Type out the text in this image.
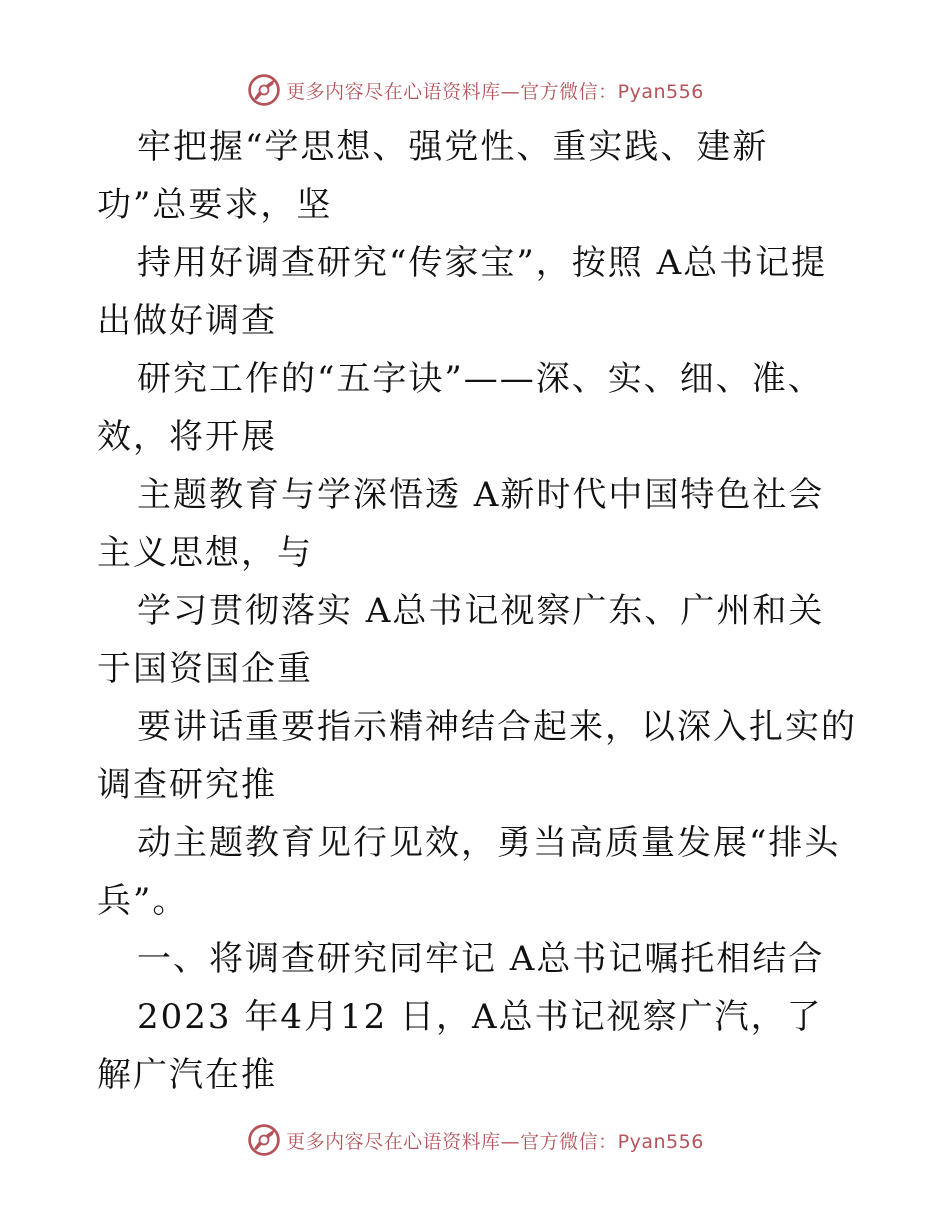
更多内容尽在心语资料库—官方微信：Pyan556

牢把握“学思想、强党性、重实践、建新功”总要求，坚

持用好调查研究“传家宝”，按照 A总书记提出做好调查

研究工作的“五字诀”——深、实、细、准、效，将开展

主题教育与学深悟透 A新时代中国特色社会主义思想，与

学习贯彻落实 A总书记视察广东、广州和关于国资国企重

要讲话重要指示精神结合起来，以深入扎实的调查研究推

动主题教育见行见效，勇当高质量发展“排头兵”。

一、将调查研究同牢记 A总书记嘱托相结合

2023 年4月12 日，A总书记视察广汽，了解广汽在推

更多内容尽在心语资料库—官方微信：Pyan556
